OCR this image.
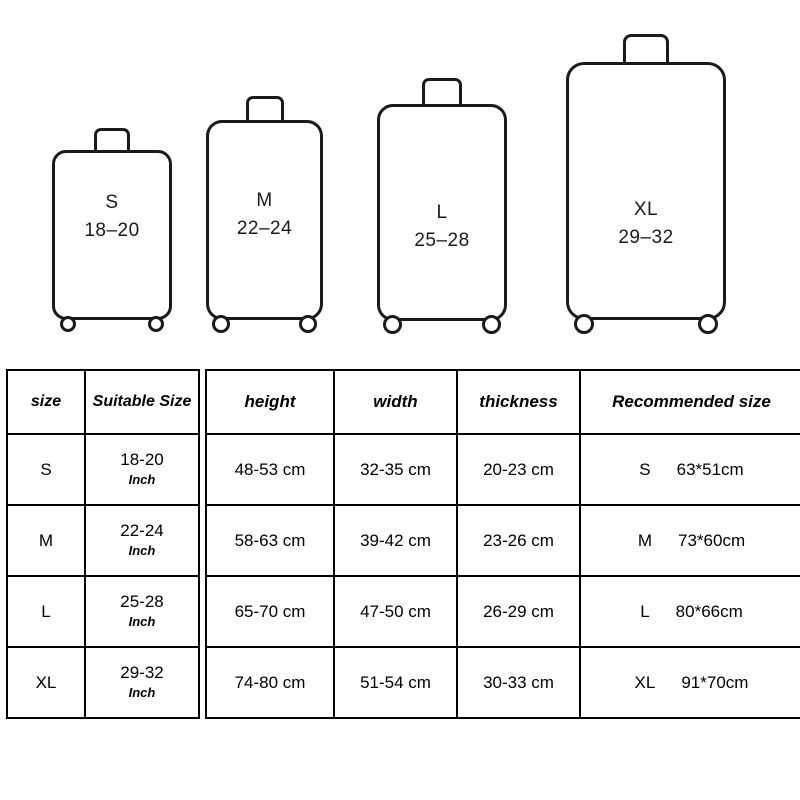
S
18–20
M
22–24
L
25–28
XL
29–32
size	Suitable Size
S	18-20
Inch

M	22-24
Inch

L	25-28
Inch

XL	29-32
Inch
height	width	thickness	Recommended size
48-53 cm	32-35 cm	20-23 cm	S 63*51cm

58-63 cm	39-42 cm	23-26 cm	M 73*60cm

65-70 cm	47-50 cm	26-29 cm	L 80*66cm

74-80 cm	51-54 cm	30-33 cm	XL 91*70cm
